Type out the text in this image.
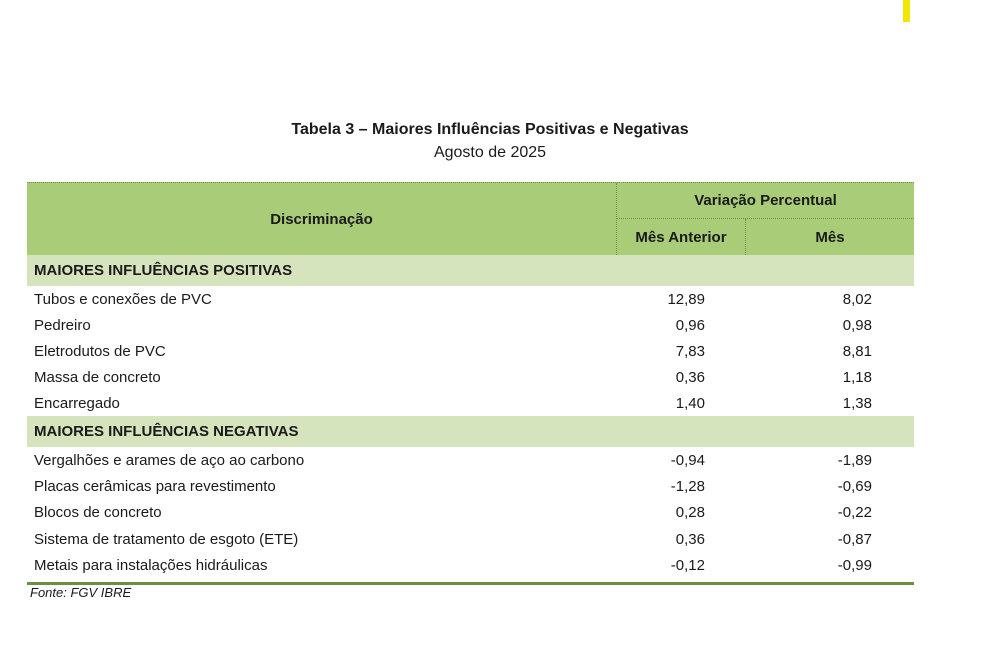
Tabela 3 – Maiores Influências Positivas e Negativas
Agosto de 2025
Discriminação
Variação Percentual
Mês Anterior	Mês
MAIORES INFLUÊNCIAS POSITIVAS
Tubos e conexões de PVC	12,89	8,02
Pedreiro	0,96	0,98
Eletrodutos de PVC	7,83	8,81
Massa de concreto	0,36	1,18
Encarregado	1,40	1,38
MAIORES INFLUÊNCIAS NEGATIVAS
Vergalhões e arames de aço ao carbono	-0,94	-1,89
Placas cerâmicas para revestimento	-1,28	-0,69
Blocos de concreto	0,28	-0,22
Sistema de tratamento de esgoto (ETE)	0,36	-0,87
Metais para instalações hidráulicas	-0,12	-0,99
Fonte: FGV IBRE
